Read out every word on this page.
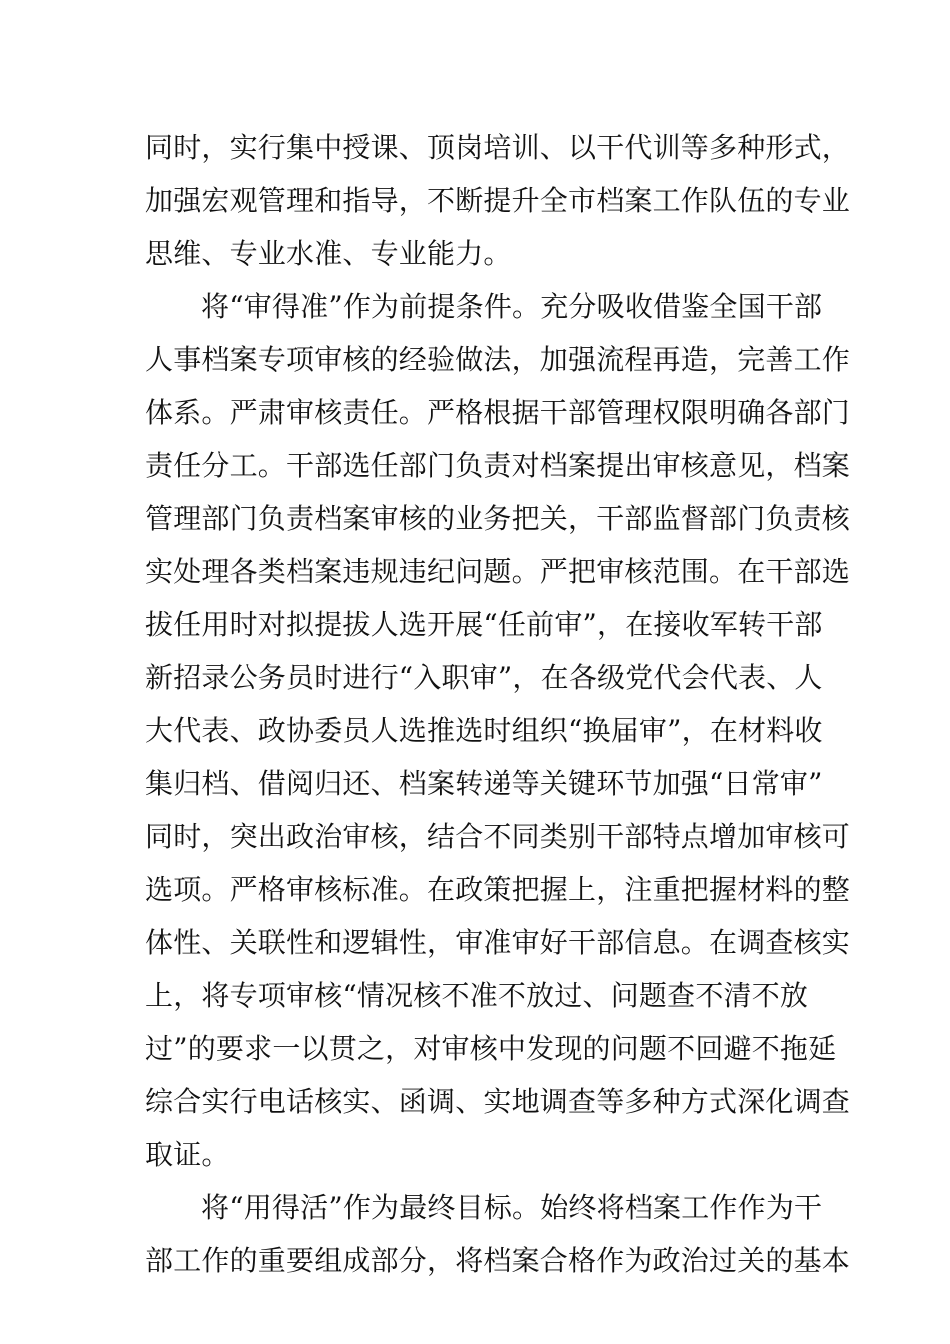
同时，实行集中授课、顶岗培训、以干代训等多种形式，
加强宏观管理和指导，不断提升全市档案工作队伍的专业
思维、专业水准、专业能力。
将“审得准”作为前提条件。充分吸收借鉴全国干部
人事档案专项审核的经验做法，加强流程再造，完善工作
体系。严肃审核责任。严格根据干部管理权限明确各部门
责任分工。干部选任部门负责对档案提出审核意见，档案
管理部门负责档案审核的业务把关，干部监督部门负责核
实处理各类档案违规违纪问题。严把审核范围。在干部选
拔任用时对拟提拔人选开展“任前审”，在接收军转干部
新招录公务员时进行“入职审”，在各级党代会代表、人
大代表、政协委员人选推选时组织“换届审”，在材料收
集归档、借阅归还、档案转递等关键环节加强“日常审”
同时，突出政治审核，结合不同类别干部特点增加审核可
选项。严格审核标准。在政策把握上，注重把握材料的整
体性、关联性和逻辑性，审准审好干部信息。在调查核实
上，将专项审核“情况核不准不放过、问题查不清不放
过”的要求一以贯之，对审核中发现的问题不回避不拖延
综合实行电话核实、函调、实地调查等多种方式深化调查
取证。
将“用得活”作为最终目标。始终将档案工作作为干
部工作的重要组成部分，将档案合格作为政治过关的基本
